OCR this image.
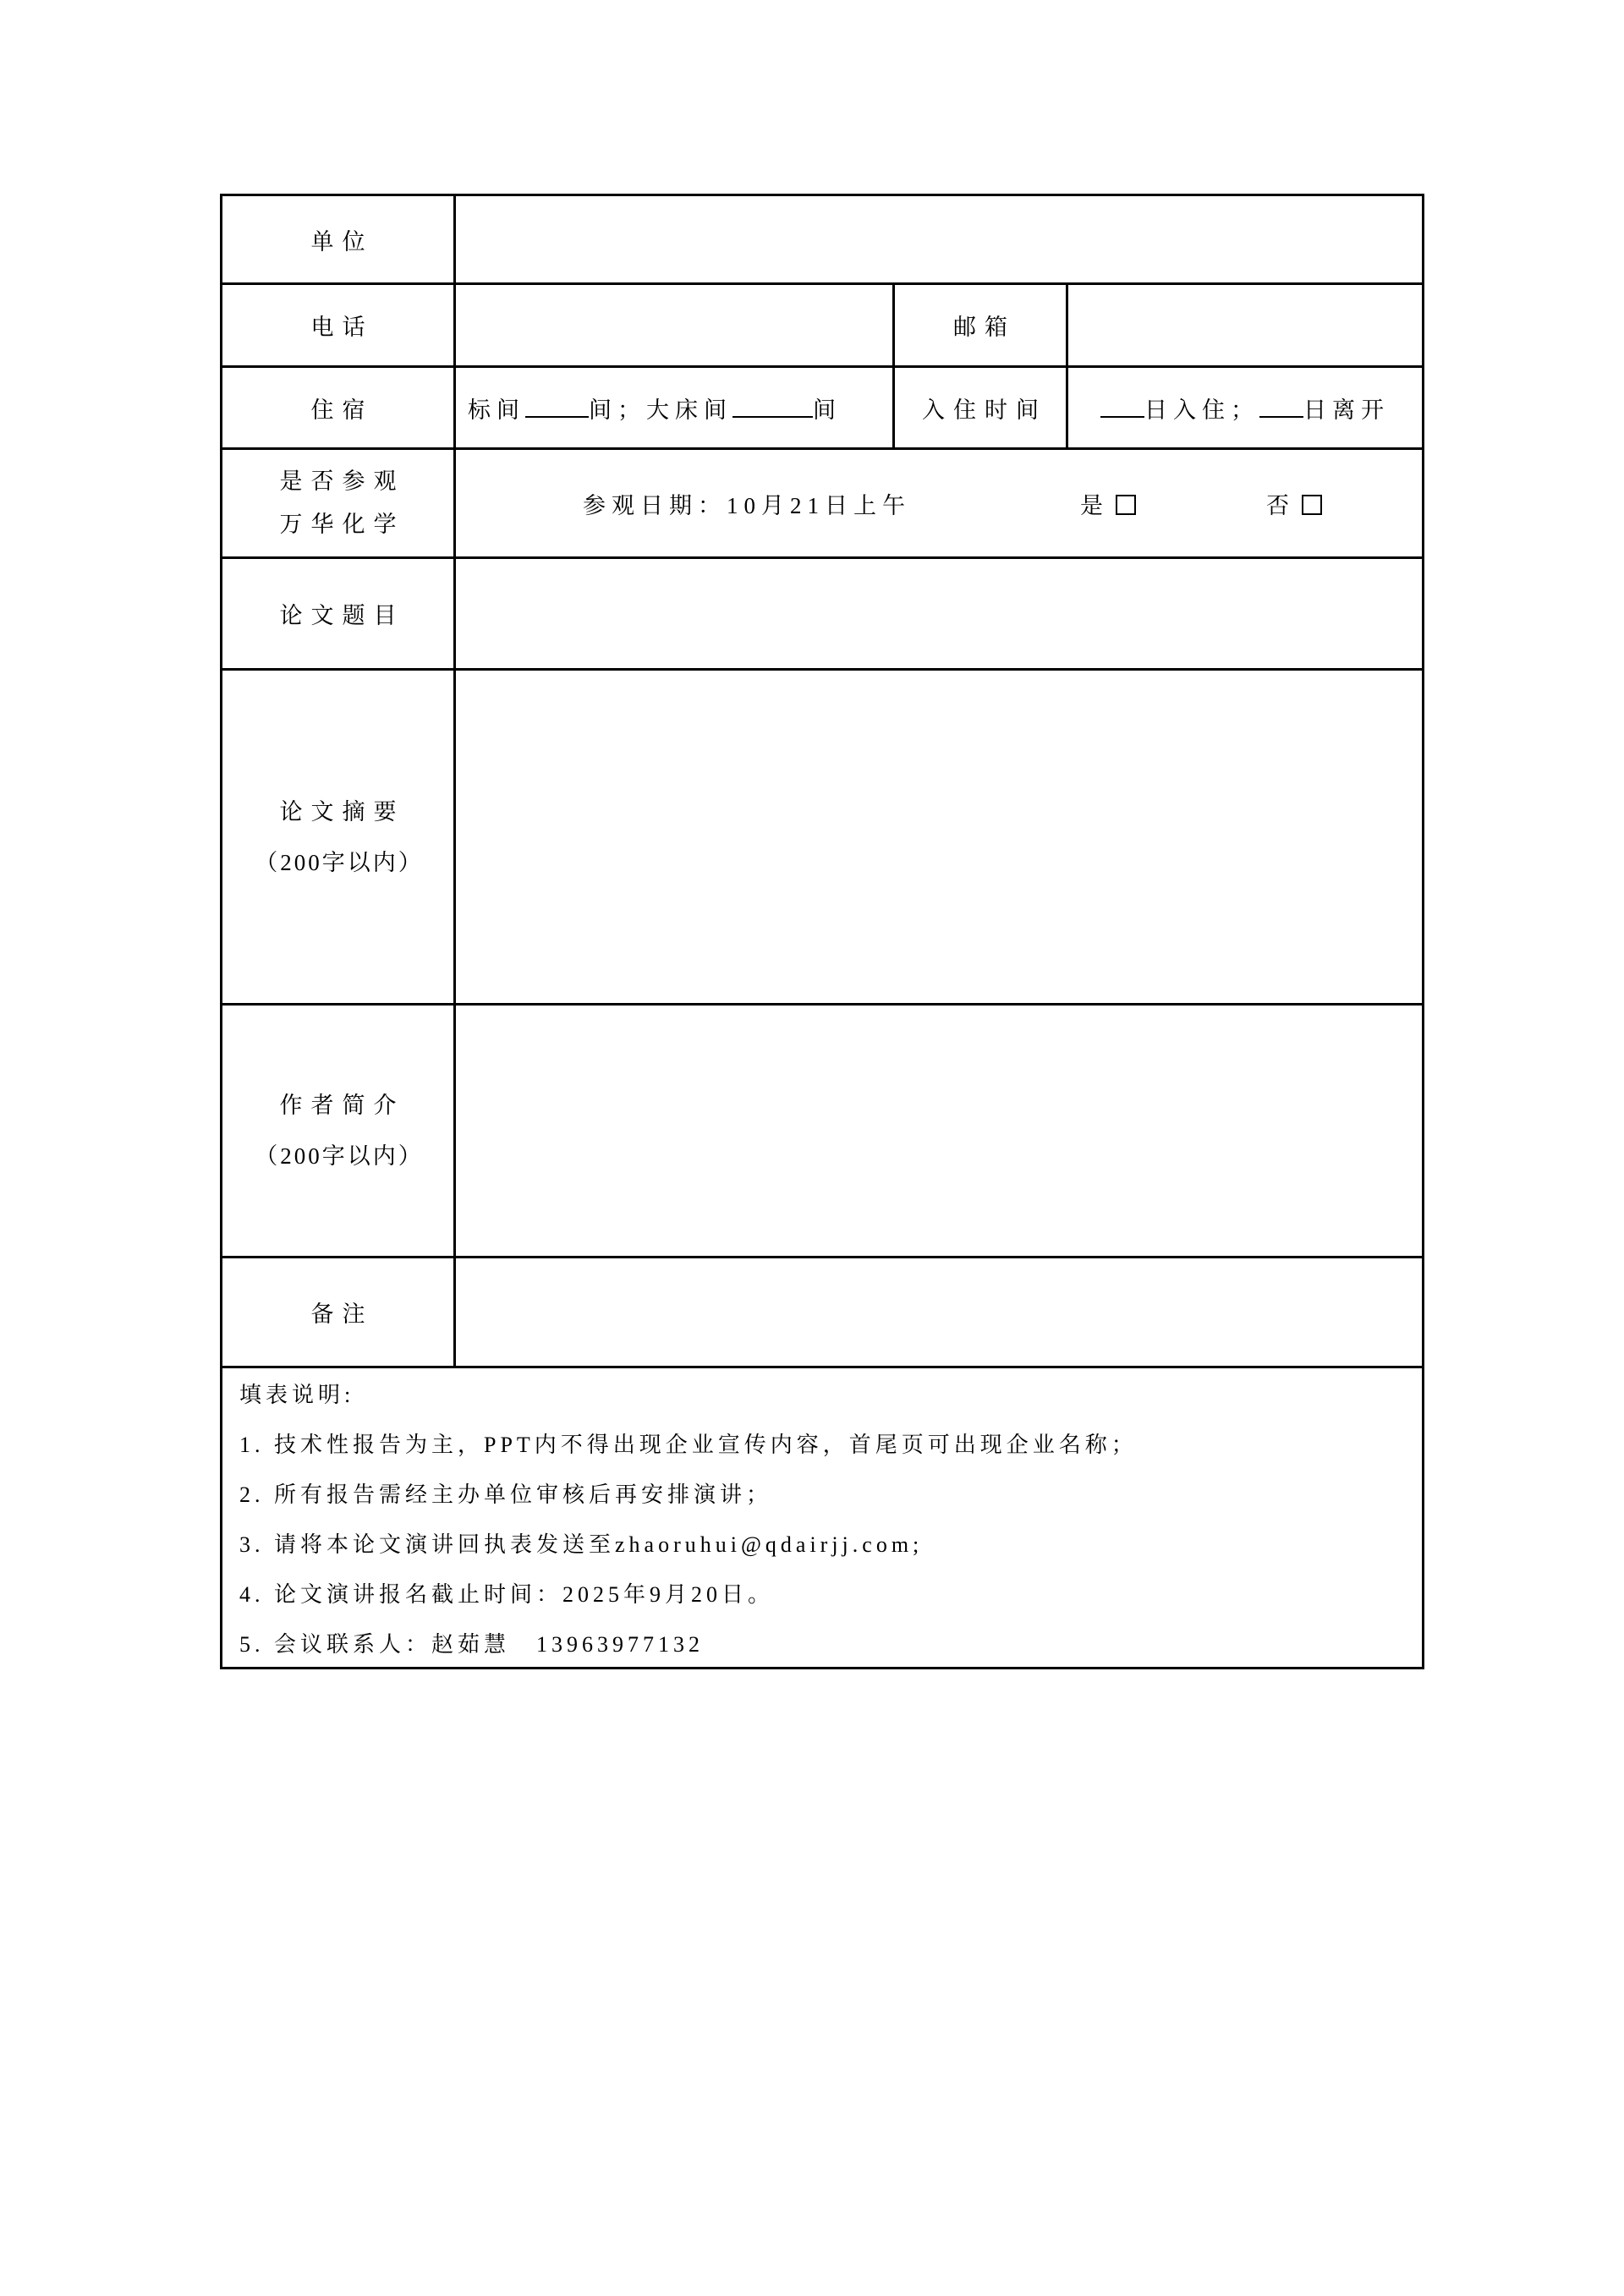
单位
电话	邮箱
住宿	标间	间；大床间	间	入住时间	日入住； 日离开
是否参观
万华化学
参观日期：10月21日上午	是	否
论文题目
论文摘要
（200字以内）
作者简介
（200字以内）
备注
填表说明:
1. 技术性报告为主，PPT内不得出现企业宣传内容，首尾页可出现企业名称；
2. 所有报告需经主办单位审核后再安排演讲；
3. 请将本论文演讲回执表发送至zhaoruhui@qdairjj.com;
4. 论文演讲报名截止时间：2025年9月20日。
5. 会议联系人：赵茹慧　13963977132
